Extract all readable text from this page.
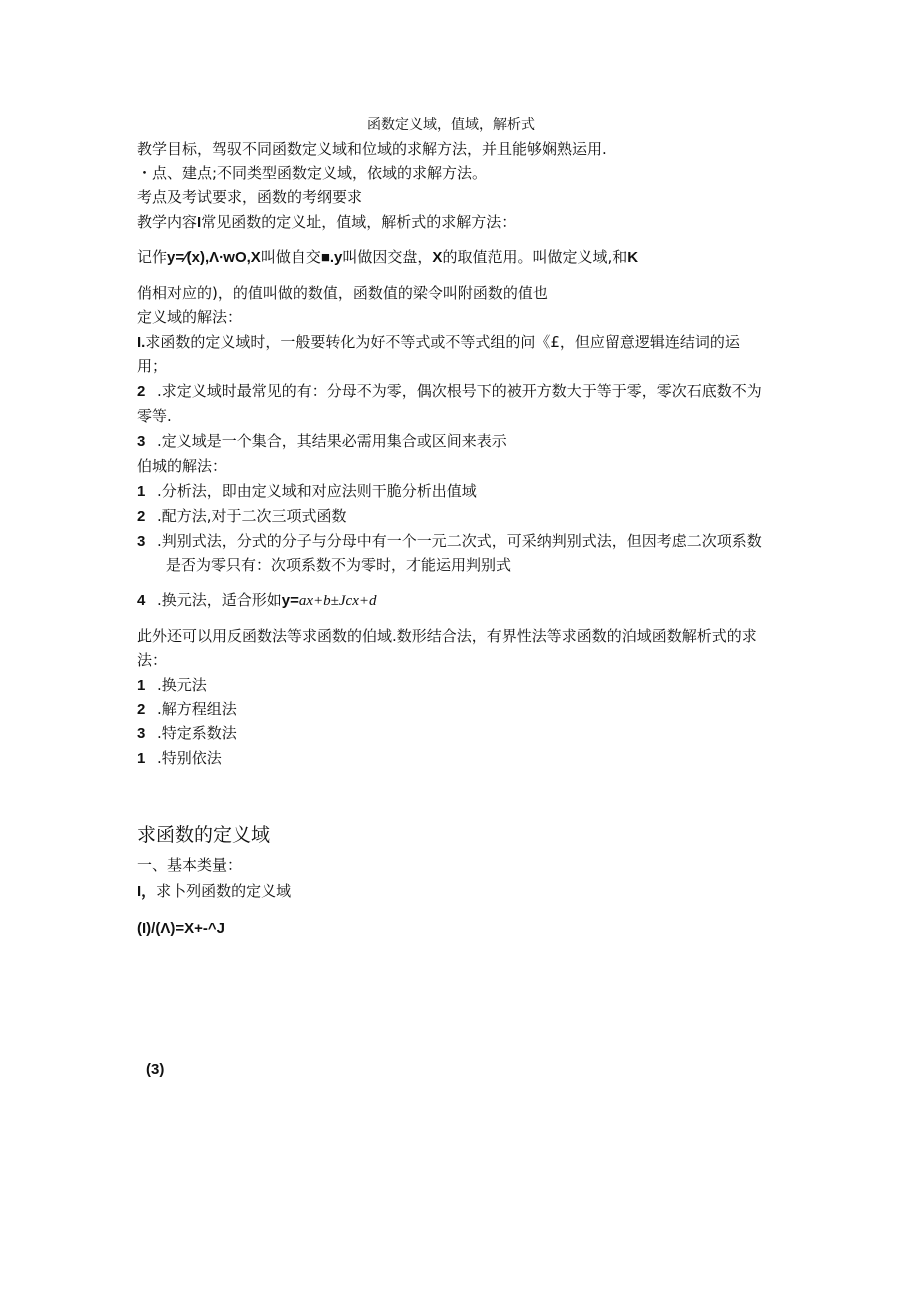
函数定义域，值域，解析式
教学目标，驾驭不同函数定义域和位域的求解方法，并且能够娴熟运用.
・点、建点;不同类型函数定义域，依域的求解方法。
考点及考试要求，函数的考纲要求
教学内容I常见函数的定义址，值域，解析式的求解方法：
记作y=∕(x),Λ∙wO,X叫做自交■.y叫做因交盘，X的取值范用。叫做定义域,和K
俏相对应的)，的值叫做的数值，函数值的梁令叫附函数的值也
定义域的解法：
I.求函数的定义域时，一般要转化为好不等式或不等式组的问《£，但应留意逻辑连结词的运
用；
2 .求定义域时最常见的有：分母不为零，偶次根号下的被开方数大于等于零，零次石底数不为
零等.
3 .定义域是一个集合，其结果必需用集合或区间来表示
伯城的解法：
1 .分析法，即由定义域和对应法则干脆分析出值域
2 .配方法,对于二次三项式函数
3 .判别式法，分式的分子与分母中有一个一元二次式，可采纳判别式法，但因考虑二次项系数
是否为零只有：次项系数不为零时，才能运用判别式
4 .换元法，适合形如y=ax+b±Jcx+d
此外还可以用反函数法等求函数的伯域.数形结合法，有界性法等求函数的泊域函数解析式的求
法：
1 .换元法
2 .解方程组法
3 .特定系数法
1 .特别依法
求函数的定义域
一、基本类量：
I，求卜列函数的定义域
(I)/(Λ)=X+-^J
(3)
